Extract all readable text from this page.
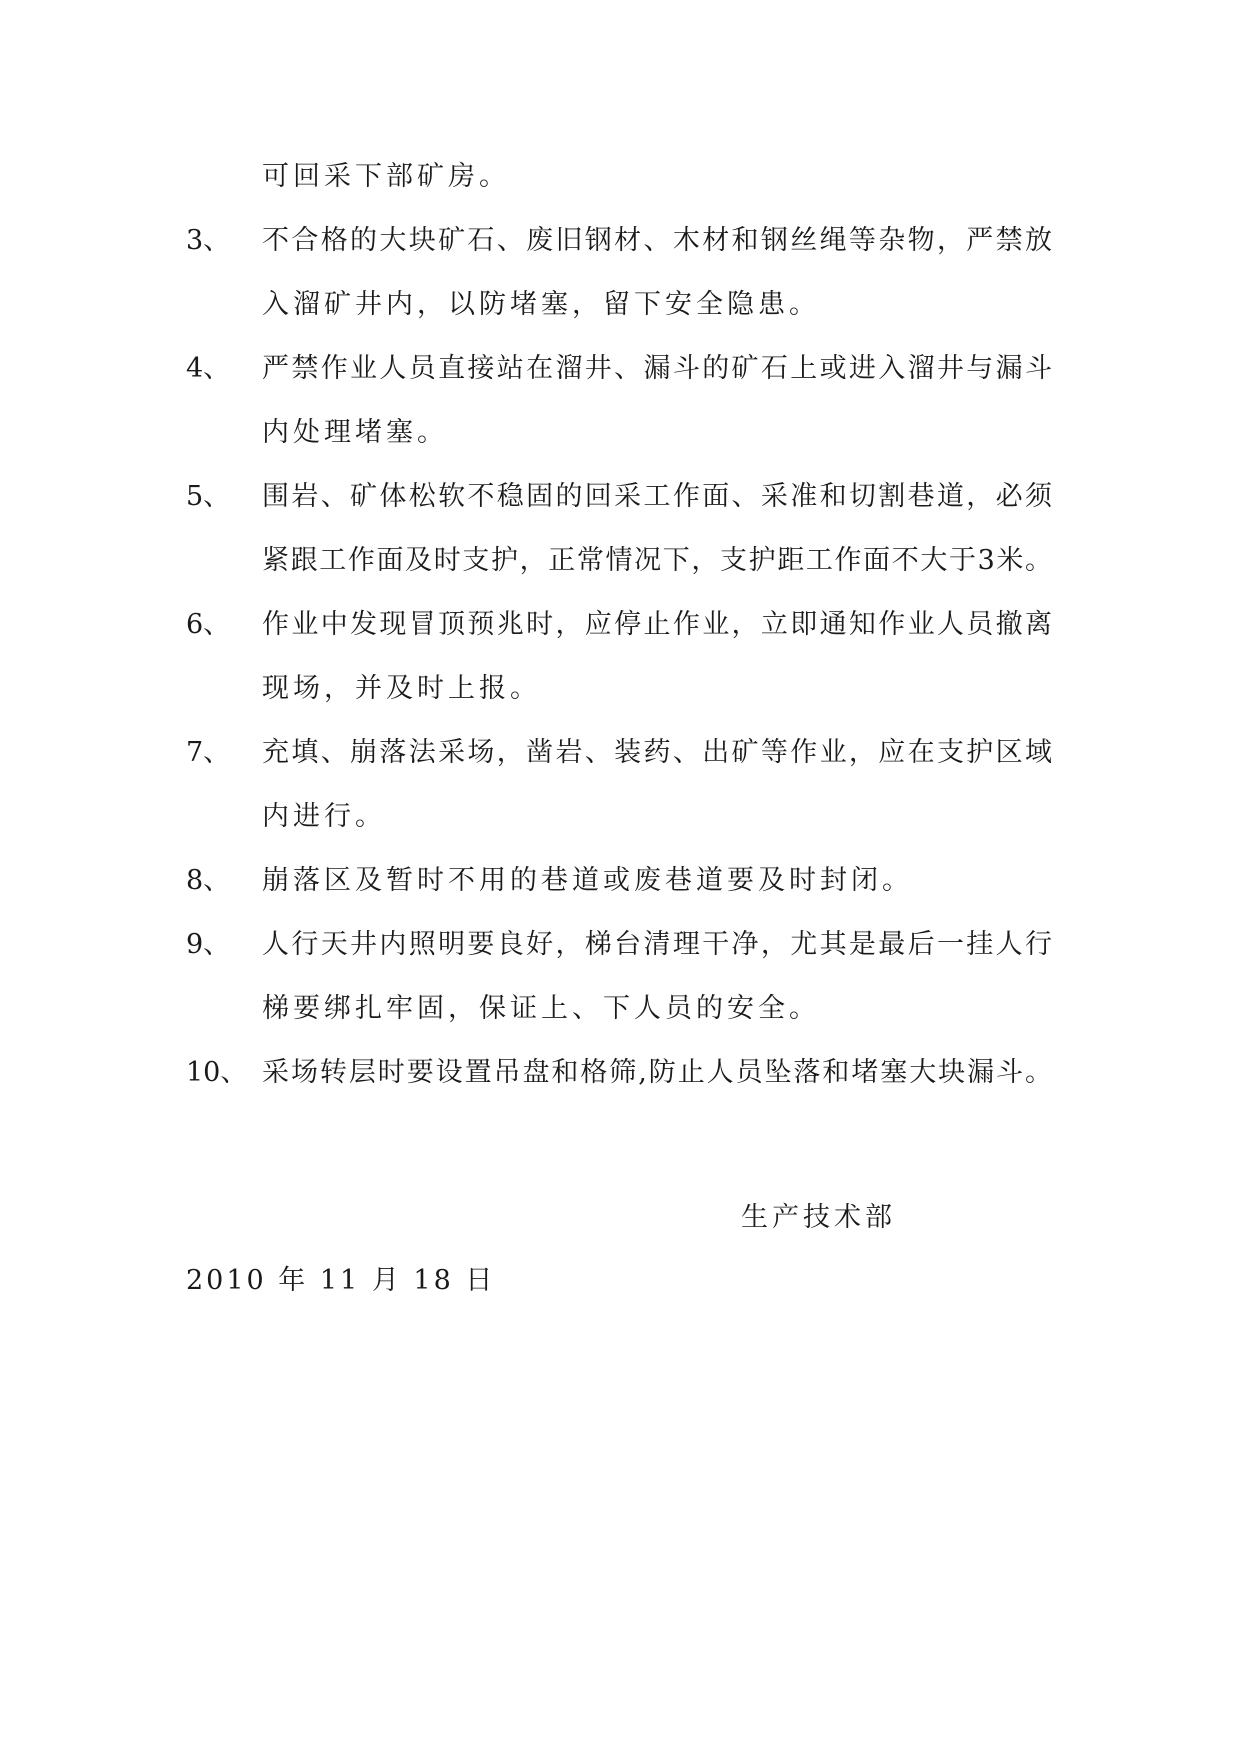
可回采下部矿房。
3、 不合格的大块矿石、废旧钢材、木材和钢丝绳等杂物，严禁放
入溜矿井内，以防堵塞，留下安全隐患。
4、 严禁作业人员直接站在溜井、漏斗的矿石上或进入溜井与漏斗
内处理堵塞。
5、 围岩、矿体松软不稳固的回采工作面、采准和切割巷道，必须
紧跟工作面及时支护，正常情况下，支护距工作面不大于3米。
6、 作业中发现冒顶预兆时，应停止作业，立即通知作业人员撤离
现场，并及时上报。
7、 充填、崩落法采场，凿岩、装药、出矿等作业，应在支护区域
内进行。
8、 崩落区及暂时不用的巷道或废巷道要及时封闭。
9、 人行天井内照明要良好，梯台清理干净，尤其是最后一挂人行
梯要绑扎牢固，保证上、下人员的安全。
10、 采场转层时要设置吊盘和格筛,防止人员坠落和堵塞大块漏斗。
生产技术部
2010 年 11 月 18 日
